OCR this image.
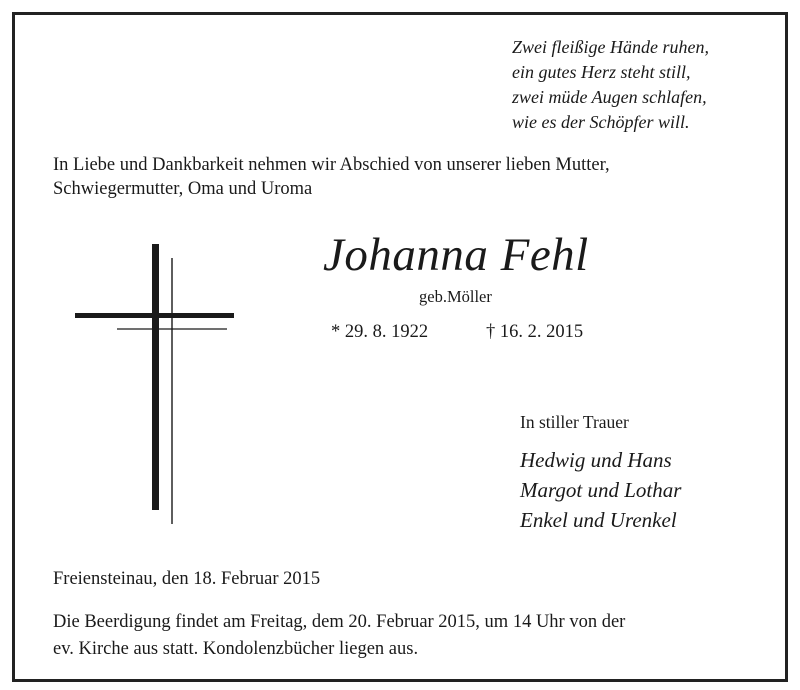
Zwei fleißige Hände ruhen,
ein gutes Herz steht still,
zwei müde Augen schlafen,
wie es der Schöpfer will.
In Liebe und Dankbarkeit nehmen wir Abschied von unserer lieben Mutter,
Schwiegermutter, Oma und Uroma
Johanna Fehl
geb.Möller
* 29. 8. 1922	† 16. 2. 2015
In stiller Trauer
Hedwig und Hans
Margot und Lothar
Enkel und Urenkel
Freiensteinau, den 18. Februar 2015
Die Beerdigung findet am Freitag, dem 20. Februar 2015, um 14 Uhr von der
ev. Kirche aus statt. Kondolenzbücher liegen aus.
